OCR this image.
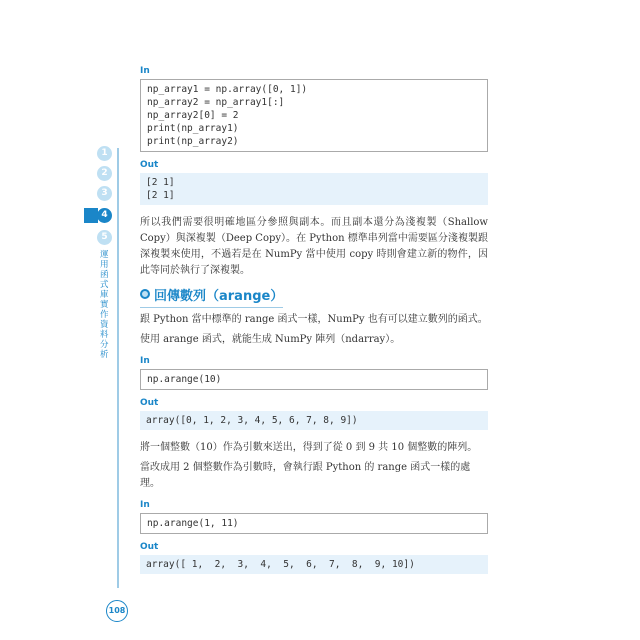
1
2
3
4
5
運用函式庫實作資料分析
In
np_array1 = np.array([0, 1])
np_array2 = np_array1[:]
np_array2[0] = 2
print(np_array1)
print(np_array2)
Out
[2 1]
[2 1]
所以我們需要很明確地區分參照與副本。而且副本還分為淺複製（Shallow Copy）與深複製（Deep Copy）。在 Python 標準串列當中需要區分淺複製跟深複製來使用，不過若是在 NumPy 當中使用 copy 時則會建立新的物件，因此等同於執行了深複製。
回傳數列（arange）
跟 Python 當中標準的 range 函式一樣，NumPy 也有可以建立數列的函式。
使用 arange 函式，就能生成 NumPy 陣列（ndarray）。
In
np.arange(10)
Out
array([0, 1, 2, 3, 4, 5, 6, 7, 8, 9])
將一個整數（10）作為引數來送出，得到了從 0 到 9 共 10 個整數的陣列。
當改成用 2 個整數作為引數時，會執行跟 Python 的 range 函式一樣的處理。
In
np.arange(1, 11)
Out
array([ 1,  2,  3,  4,  5,  6,  7,  8,  9, 10])
108
